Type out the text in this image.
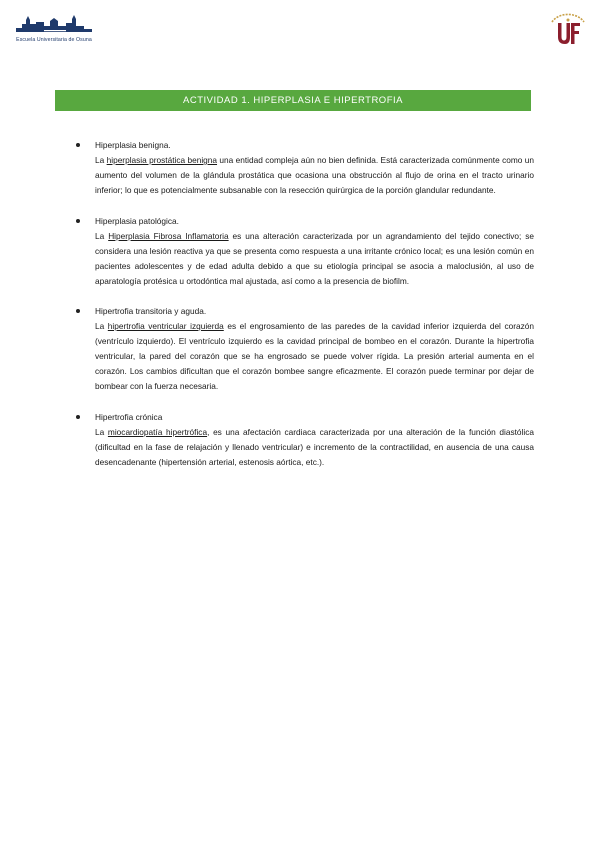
Escuela Universitaria de Osuna
ACTIVIDAD 1. HIPERPLASIA E HIPERTROFIA
Hiperplasia benigna.
La hiperplasia prostática benigna una entidad compleja aún no bien definida. Está caracterizada comúnmente como un aumento del volumen de la glándula prostática que ocasiona una obstrucción al flujo de orina en el tracto urinario inferior; lo que es potencialmente subsanable con la resección quirúrgica de la porción glandular redundante.
Hiperplasia patológica.
La Hiperplasia Fibrosa Inflamatoria es una alteración caracterizada por un agrandamiento del tejido conectivo; se considera una lesión reactiva ya que se presenta como respuesta a una irritante crónico local; es una lesión común en pacientes adolescentes y de edad adulta debido a que su etiología principal se asocia a maloclusión, al uso de aparatología protésica u ortodóntica mal ajustada, así como a la presencia de biofilm.
Hipertrofia transitoria y aguda.
La hipertrofia ventricular izquierda es el engrosamiento de las paredes de la cavidad inferior izquierda del corazón (ventrículo izquierdo). El ventrículo izquierdo es la cavidad principal de bombeo en el corazón. Durante la hipertrofia ventricular, la pared del corazón que se ha engrosado se puede volver rígida. La presión arterial aumenta en el corazón. Los cambios dificultan que el corazón bombee sangre eficazmente. El corazón puede terminar por dejar de bombear con la fuerza necesaria.
Hipertrofia crónica
La miocardiopatía hipertrófica, es una afectación cardiaca caracterizada por una alteración de la función diastólica (dificultad en la fase de relajación y llenado ventricular) e incremento de la contractilidad, en ausencia de una causa desencadenante (hipertensión arterial, estenosis aórtica, etc.).
